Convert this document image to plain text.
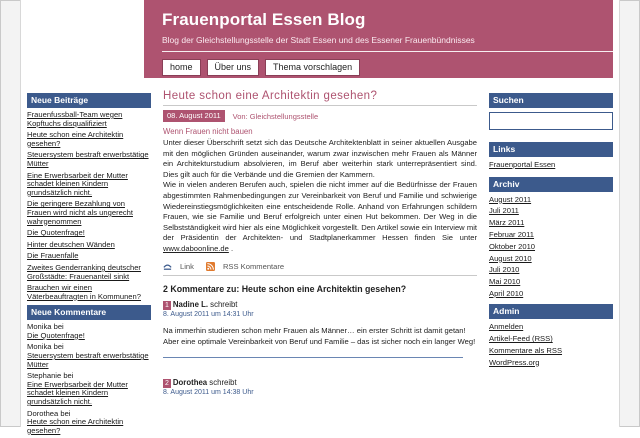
Frauenportal Essen Blog
Blog der Gleichstellungsstelle der Stadt Essen und des Essener Frauenbündnisses
home	Über uns	Thema vorschlagen
Neue Beiträge
Frauenfussball-Team wegen Kopftuchs disqualifiziert
Heute schon eine Architektin gesehen?
Steuersystem bestraft erwerbstätige Mütter
Eine Erwerbsarbeit der Mutter schadet kleinen Kindern grundsätzlich nicht.
Die geringere Bezahlung von Frauen wird nicht als ungerecht wahrgenommen
Die Quotenfrage!
Hinter deutschen Wänden
Die Frauenfalle
Zweites Genderranking deutscher Großstädte: Frauenanteil sinkt
Brauchen wir einen Väterbeauftragten in Kommunen?
Neue Kommentare
Monika bei
Die Quotenfrage!
Monika bei
Steuersystem bestraft erwerbstätige Mütter
Stephanie bei
Eine Erwerbsarbeit der Mutter schadet kleinen Kindern grundsätzlich nicht.
Dorothea bei
Heute schon eine Architektin gesehen?
Heute schon eine Architektin gesehen?
08. August 2011	Von: Gleichstellungsstelle
Wenn Frauen nicht bauen
Unter dieser Überschrift setzt sich das Deutsche Architektenblatt in seiner aktuellen Ausgabe mit den möglichen Gründen auseinander, warum zwar inzwischen mehr Frauen als Männer ein Architekturstudium absolvieren, im Beruf aber weiterhin stark unterrepräsentiert sind. Dies gilt auch für die Verbände und die Gremien der Kammern.
Wie in vielen anderen Berufen auch, spielen die nicht immer auf die Bedürfnisse der Frauen abgestimmten Rahmenbedingungen zur Vereinbarkeit von Beruf und Familie und schwierige Wiedereinstiegsmöglichkeiten eine entscheidende Rolle. Anhand von Erfahrungen schildern Frauen, wie sie Familie und Beruf erfolgreich unter einen Hut bekommen. Der Weg in die Selbstständigkeit wird hier als eine Möglichkeit vorgestellt. Den Artikel sowie ein Interview mit der Präsidentin der Architekten- und Stadtplanerkammer Hessen finden Sie unter www.daboonline.de .
Link	RSS Kommentare
2 Kommentare zu: Heute schon eine Architektin gesehen?
1 Nadine L. schreibt
8. August 2011 um 14:31 Uhr
Na immerhin studieren schon mehr Frauen als Männer… ein erster Schritt ist damit getan! Aber eine optimale Vereinbarkeit von Beruf und Familie – das ist sicher noch ein langer Weg!
2 Dorothea schreibt
8. August 2011 um 14:38 Uhr
Suchen
Links
Frauenportal Essen
Archiv
August 2011
Juli 2011
März 2011
Februar 2011
Oktober 2010
August 2010
Juli 2010
Mai 2010
April 2010
Admin
Anmelden
Artikel-Feed (RSS)
Kommentare als RSS
WordPress.org
